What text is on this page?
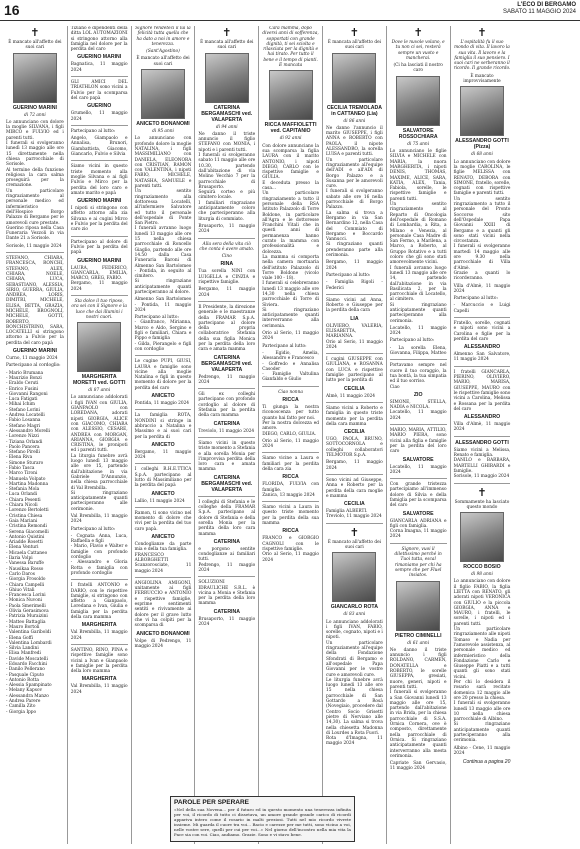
16	L'ECO DI BERGAMO
SABATO 11 MAGGIO 2024
✝

È mancato all'affetto dei suoi cari

GUERINO MARINI

di 72 anni

Lo annunciano con dolore la moglie SILVANA, i figli MIRCO e FULVIO ed i parenti tutti.
I funerali si svolgeranno lunedì 13 maggio alle ore 15 direttamente nella chiesa parrocchiale di Sorisole.
Al termine della funzione religiosa la cara salma proseguirà per la cremazione.
Un particolare ringraziamento al personale medico ed infermieristico dell'Hospice Borgo Palazzo di Bergamo per le amorevoli cure prestate.
Guerino riposa nella Casa Funeraria Vezzoli in via Dante 21 a Sorisole.

Sorisole, 11 maggio 2024

STEFANO, CHIARA, FRANCESCA, RONCHI, STEFANO, ALEX, CHIARA, NOELE, CHIARA, LUCA, SEBASTIANO, ALESSIA, SIRIO, GUERRA, GIULIA, ANDREA, LORIS, DIMITRI, MICHELE, ELISA, BETTA, GRAZIA, MICHELE, BROGNOLI, MICHELE, GOTTI, ROBERTO, BONCHISTRINO, SARA, LOCATELLI si stringono attorno a Fulvio per la perdita del caro papà

GUERINO MARINI

Curno, 11 maggio 2024

Partecipano al cordoglio:

- Mario Brumana
- Maurizio Bonzi
- Eraldo Ceruti
- Enrico Fusini
- Giovanni Rangoni
- Luca Fatigati
- Mihai Ichim
- Stefano Lorini
- Andrea Locatelli
- Fabio Losanna
- Stefano Magri
- Alessandro Morelli
- Lorenzo Nizzi
- Tiziana Orlandi
- Paolo Pancera
- Stefano Pirelli
- Elena Riva
- Simone Sturaro
- Fabio Tasca
- Marco Tironi
- Manuela Volpato
- Martina Madonna
- Stefania Mola
- Luca Orlandi
- Chiara Pesenti
- Chiara Nicoli
- Lorenzo Bertoletti
- Cristina Chiesa
- Gaia Mariani
- Cristina Remondi
- Serena Giacomelli
- Antonio Quistini
- Ariadde Rosetti
- Elena Venturi
- Micaela Cattaneo
- Ilaria Volpi
- Vanessa Baruffe
- Nausikaa Rosso
- Carlo Daros
- Giorgia Frosoldo
- Chiara Campelli
- Ghiuo Vitali
- Francesca Lorini
- Monica Nuvoni
- Paola Smerimelli
- Olivia Gerasimova
- Patrizia Muraizini
- Matteo Battaglia
- Mauro Bortoli
- Valentina Gariboldi
- Elena Goffi
- Valentina Lombardi
- Silvia Landini
- Elisa Manfredi
- Davide Moscatelli
- Edoardo Facchini
- Danilo Pellerano
- Pasquale Ciputo
- Antonio Rotta
- Alessia Spampinato
- Melany Kapsov
- Alessandra Manzo
- Andrea Parere
- Camilla Zito
- Giorgia Ippo

Tiziano e dipendenti della ditta LOL AUTOMAZIONI si stringono attorno alla famiglia nel dolore per la perdita del caro

GUERINO MARINI

Bagnatica, 11 maggio 2024

GLI AMICI DEL TRIATHLON sono vicini a Fulvio per la scomparsa del caro papà

GUERINO

Grumello, 11 maggio 2024

Partecipano al lutto:

Angelo, Giampaolo e Annalisa, Brunori, Giambattista, Giacomo, Giancarlo, Fulvio e Silvia

Siamo vicini in questo triste momento alla moglie Silvana e ai figli Fulvio e Mirco per la perdita del loro caro e amato marito e papà

GUERINO MARINI

I nipoti si stringono con affetto attorno alla zia Silvana e ai cugini Mirco e Fulvio per la perdita del caro zio

Partecipano al dolore di Fulvio per la perdita del papà

GUERINO MARINI

LAURA, FEDERICO, GIANCARLA, EMILIA, MARCO, GREG, FABIO.
Bergamo, 11 maggio 2024

Sta dolce il tuo riposo, ora sei con il Signore e la luce che dai illumini i nostri cuori.

MARGHERITA MORETTI ved. GOTTI

di 87 anni

Lo annunciano addolorati i figli IVAN con GIULIA, GIANPAOLO con LOREDANA, adorati nipoti GIORGIA, ALICE con GIACOMO, CHIARA con ALESSIO, CESARE, ANDREA con MORGAN, ARIANNA, GIORGIA e CRISTINA, le pronipoti ed i parenti tutti.
La liturgia funebre avrà luogo lunedì 13 maggio alle ore 15, partendo dall'abitazione in via Gabriele D'Annunzio, nella chiesa parrocchiale di Val Brembilla.
Si ringraziano anticipatamente quanti parteciperanno alle cerimonie.

Val Brembilla, 11 maggio 2024

Partecipano al lutto:

- Cognata Anna, Luca, Raffaella e figli
- Mario, Flavio e Walter e famiglie con profondo cordoglio
- Alessandro e Gloria Rotta e famiglia con profondo cordoglio

I fratelli ANTONIO e DARIO, con le rispettive famiglie, si stringono con affetto a Gianpaolo, Loredana e Ivan, Giulia e famiglia per la perdita della cara mamma

MARGHERITA

Val Brembilla, 11 maggio 2024

SANTINO, RINO, PINA e rispettive famiglie sono vicini a Ivan e Gianpaolo e famiglie per la perdita della loro mamma

MARGHERITA

Val Brembilla, 11 maggio 2024

Signore rendeteci il lui la felicità tutta quella che ha dato a noi in amore e tenerezza.

(Sant'Agostino)

È mancato all'affetto dei suoi cari

ANICETO BONANOMI

di 95 anni

Lo annunciano con profondo dolore la moglie NATALINA, i figli MASSIMILIANO con DANIELA, ELEONORA con CRISTIAN, RAMON con VALENTINA, i nipoti FABIO, MICHELE, NATASHA, SAMUELE e parenti tutti.
Un sentito ringraziamento alla dottoressa Locatelli, all'infermiere Salvatore ed tutto il personale dell'ospedale di Ponte San Pietro.
I funerali avranno luogo lunedì 13 maggio alle ore 15 nella chiesa parrocchiale di Roncello Giaglio, partendo alle ore 14.50 dalla Casa Funeraria Baroni di Almenno San Bartolomeo - Pontida, in seguito al cimitero.
Si ringraziano anticipatamente quanti parteciperanno al dolore.

Almenno San Bartolomeo - Pontida, 11 maggio 2024

Partecipano al lutto:
- Gianfranco, Mirianna, Marco e Aldo, Sergino e figli e familiari, Chiara e Pippo e famiglia
- Gilda, Pierangelo e figli con cordoglio

Le cugine PUPI, GIUSI, LAURA e famiglie sono vicine alla moglie Natalina e figli in questo momento di dolore per la perdita del caro

ANICETO

Pontida, 11 maggio 2024

La famiglia ROTA, NONDINI si stringe in abbraccio a Natalina e Massimo e ai suoi cari per la perdita di

ANICETO

Bergamo, 11 maggio 2024

I colleghi R.H.E.TTICA S.p.A. partecipano al lutto di Massimiliano per la perdita del papà

ANICETO

Lallio, 11 maggio 2024

Ramon, ti sono vicino nel momento di dolore che vivi per la perdita del tuo caro papà.

ANICETO

Condoglianze da parte mia e della tua famiglia.
FRANCESCO ALBORGHETTI
Scanzorosciate, 11 maggio 2024

ANGIOLINA AMIGONI, unitamente ai figli FERRUCCIO e ANTONIO e rispettive famiglie, esprime sentimenti sentiti e rivivamente ai dolore per il grave lutto che vi ha colpiti per la scomparsa di

ANICETO BONANOMI

Volpe di Pedrengo, 11 maggio 2024

✝

È mancata all'affetto dei suoi cari

CATERINA BERGAMASCHI ved. VALAPERTA

di 94 anni

Ne danno il triste annuncio il figlio STEFANO con MONIA, i nipoti e i parenti tutti.
I funerali si svolgeranno sabato 11 maggio alle ore 10.30, partendo dall'abitazione di via Molino Vecchio 7 per la parrocchiale di Brusaporto.
Seguirà corteo e più cimitero locale.
I familiari ringraziano anticipatamente coloro che parteciperanno alla liturgia di commiato.

Brusaporto, 11 maggio 2024

Alla sera della vita ciò che conta è avere amato.

Cino

RINA

Tua sorella NINI con LUIGELLA e CINZIA e rispettive famiglie.

Bergamo, 11 maggio 2024

Il Presidente, la direzione generale e le maestranze della FRAMAR S.p.A. partecipano al dolore della propria collaboratrice Stefania della sua figlia Monica per la perdita della loro cara e amata mamma

CATERINA BERGAMASCHI ved. VALAPERTA

Pedrengo, 11 maggio 2024

Gli ex colleghi partecipano con profondo cordoglio al dolore di Stefania per la perdita della cara mamma

CATERINA

Treviolo, 11 maggio 2024

Siamo vicini in questo triste momento a Stefania e alla sorella Monia per l'improvvisa perdita della loro cara e amata mamma

CATERINA BERGAMASCHI ved. VALAPERTA

I colleghi di Stefania e le colleghe della FRAMAR S.p.A. partecipano al dolore di Stefania e della sorella Monia per la perdita della loro cara mamma

CATERINA

e porgono sentite condoglianze ai familiari tutti.
Pedrengo, 11 maggio 2024

SOLUZIONI IDRAULICHE S.R.L. è vicina a Monia e Stefania per la perdita della loro mamma

CATERINA

Brusaporto, 11 maggio 2024

Cara mamma, dopo diversi anni di sofferenza, sopportati con grande dignità, ti sei sciolta e rilasciata per la dignità e hai tirato. Per tutto il bene e il tempo di pianti.
E mancata

RICCA MAFFIOLETTI ved. CAPITANIO

di 92 anni

Con dolore annunciano la sua scomparsa la figlia LAURA con il marito ANTONIO, i nipoti DIEGO, CARLO con le rispettive famiglie e GIULIA.
E deceduta presso la casa...
Un particolare ringraziamento a tutto il personale della RSA Istituto Palazzolo di Torre Boldone, in particolare all'Agra e le dottoresse Franchini Vitali che in questi anni di permanenza hanno curato la mamma con professionalità e dolcezza.
La mamma si comporta nella camera mortuaria dell'istituto Palazzolo di Torre Boldone (vicolo viale 100 - 18).
I funerali si celebreranno lunedì 13 maggio alle ore 14,30 nella chiesa parrocchiale di Torre di Siviera.
Si ringraziano anticipatamente quanti interverranno alla cerimonia.

Orio al Serio, 11 maggio 2024

Partecipano al lutto:

- Egidio, Amelia, Alessandro e Francesco
- Goffredo e Annalisa Casoder
- Famiglie Valtulina Gianfaldo e Giulio

Ciao nonna

RICCA

Ti giunga la nostra riconoscenza per tutto quanto hai fatto per noi.
Per la nostra dolcezza ed amore.
DIEGO, CARLO, GIULIA.

Orio al Serio, 11 maggio 2024

Siamo vicine a Laura e familiari per la perdita della cara zia

RICCA

FLORIDA, FULVIA con famiglie.
Zanica, 13 maggio 2024

Siamo vicini a Laura in questo triste momento per la perdita della sua mamma

RICCA

FRANCO e GIORGIO CAGNOLI con le rispettive famiglie.
Orio al Serio, 11 maggio 2024

✝

È mancata all'affetto dei suoi cari

CECILIA TREMOLADA in CATTANEO (Lia)

di 86 anni

Ne danno l'annuncio il marito GIUSEPPE, i figli ANNA e ROBERTO con PAOLA, il nipote ALESSANDRO, la sorella LUISA e parenti tutti.
Un particolare ringraziamento all'equipe dell'ADI e all'ADI di Borgo Palazzo e a Susanna per le amorevoli cure.
I funerali si svolgeranno sabato alle ore 16 nella parrocchiale di Borgo Palazzo.
La salma si trova a Bergamo in via San Bernardino 12, nella Casa del Commiato di Bergamo e Boccardo Vannucci.
Si ringraziano quanti prenderanno parte alla cerimonia.

Bergamo, 11 maggio 2024

Partecipano al lutto:

- Famiglia Rigoli - Federici

Siamo vicini ad Anna, Roberto e Giuseppe per la perdita della cara

LIA

OLIVIERO, VALERIA, ELISABETTA, MARIANNA.
Orio al Serio, 11 maggio 2024

I cugini GIUSEPPE con GIULIANA, e ROSANNA con LUCA e rispettive famiglie partecipano al lutto per la perdita di

CECILIA

Almè, 11 maggio 2024

Siamo vicini a Roberto e famiglia in questo triste momento per la perdita della cara mamma

CECILIA

UGO, PAOLA, BRUNO, SOTTOCORNOLA e colleghi collaboratori TELMOTOR S.p.A.

Bergamo, 11 maggio 2024

Sono vicini ad Giuseppe, Anna e Roberto per la perdita della cara moglie e mamma

CECILIA

Famiglia ALBERTI.
Treviolo, 11 maggio 2024

✝

È mancato all'affetto dei suoi cari

GIANCARLO ROTA

di 83 anni

Lo annunciano addolorati i figli IVAN, FABIO, sorelle, cognato, nipoti e i nipoti.
Un particolare ringraziamento all'equipe della Fondazione Sfondrati di Bergamo e all'ospedale Papa Giovanni per le vostre cure e amorevoli cure.
Le liturgia funebre avrà luogo lunedì 13 alle ore 15 nella chiesa parrocchiale di San Gottardo a Rosà (Novegiaio, procedere dal Centro Socio Grisetti pietre di Nerviano alle 14,30). La salma si trova nella chiesetta Madonna di Lourdes a Rota Fuori.
Rota d'Imagna, 11 maggio 2024

✝

Dove le nuvole volano, e tu non ci sei, resterà sempre un vuoto e mancherai.

(Ci ha lasciati il nostro caro

SALVATORE ROSSOCHIARA

di 75 anni

Lo annunciano le figlie SILVIA e MICHELE con MARIA, la nuora MARGHERITA, i nipoti DENIS, THOMAS, MAXIME, ALICE, SARA, KATIA, ALEX, Tania, Fabiola, sorelle, le rispettive famiglie e parenti tutti.
Un sentito ringraziamento al Reparto di Oncologia dell'ospedale di Romano di Lombardia, a Rita, a Milano e Venezia, al personale Casa Madre di San Fermo, a Marilena, a Marco, a Roberto, al Gruppo Rotativo e a tutti coloro che gli sono stati amorevolmente vicini.
I funerali avranno luogo lunedì 13 maggio alle ore 14, partendo dall'abitazione in via Basilicata 2, per la parrocchiale di Locatello, al cimitero.
Si ringraziano anticipatamente quanti parteciperanno alla cerimonia.

Locatello, 11 maggio 2024

Partecipano al lutto:

- La sorella Elena, Giovanna, Filippa, Matteo

Portavamo sempre nel cuore il tuo coraggio, la tua bontà, la tua simpatia ed il tuo sorriso.
Ciao

ZIO

SIMONE, STELLA, NADIA e NICOLA.
Locatello, 11 maggio 2024

MARIO, MARIA, ATTILIO, MARIO PIERA, sono vicini alla figlia e famiglie per la perdita del loro caro

SALVATORE

Locatello, 11 maggio 2024

Con grande tristezza partecipiamo all'immenso dolore di Silvia e della famiglia per la scomparsa del caro

SALVATORE

GIANCARLA ADRIANA e figli con famiglia.
Corna Imagna, 11 maggio 2024

Signore, vuoi il dilettissimo perché in Tuoi tutta, escal rimaniamo per chi ha sempre che per Fluel insiatos.

PIETRO CIMINELLI

di 61 anni

Ne danno il triste annuncio i figli ROLDANO, CARMEN, DONATELLA e ROBERTO, le sorelle GIUSEPPA, gresiati, nuore, generi, nipoti e parenti tutti.
I funerali si svolgeranno a San Giovanni lunedì 13 maggio alle ore 15, partendo dall'abitazione in via Brida, per la chiesa parrocchiale di S.S.A. Ornica Cornera, ove è composto, direttamente nella parrocchiale di Ornica. Si ringraziano anticipatamente quanti interverranno alla mesta cerimonia.

Capriate San Gervasio, 11 maggio 2024

✝

L'ospitalità fu il suo mondo di vita. Il lavoro la sua vita. Il lavoro e la famiglia il suo pensiero. I suoi cari ne serberanno il ricordo. Il grande ricordo.

È mancato improvvisamente

ALESSANDRO GOTTI (Pizza)

di 68 anni

Lo annunciano con dolore la moglie CAROLINA, le figlie MELISSA con RENATO, DEBORA con SIMONE, fratello, sorelle, cognati con rispettive famiglie e parenti tutti.
Un sentito ringraziamento a tutto il personale del Pronto Soccorso sito dell'Ospedale Papa Giovanni XXIII di Bergamo e a quanti gli sono stati vicini nella circostanza.
I funerali si svolgeranno martedì 14 maggio alle ore 9.30 nella parrocchiale di Villa d'Almè.
Grazie a quanti lo ricorderanno.

Villa d'Almè, 11 maggio 2024

Partecipano al lutto:

- Marcuccio e Luigi Capelli

Fratello, sorelle, cognati e nipoti sono vicini a Carolina e figlie per la perdita del caro

ALESSANDRO

Almenno San Salvatore, 11 maggio 2024

I fratelli GIANCARLA, PIERINO, OLIVIERO, MARIO, MARISA, GIUSEPPE, MAURO con le rispettive famiglie sono vicini a Carolina, Melissa e Rossana per la perdita del caro

ALESSANDRO

Villa d'Almè, 11 maggio 2024

ALESSANDRO GOTTI

Siamo vicini a Melissa, Renato e famiglia.
DANILO e BARBARA, MARTELLI GHIRARDI e famiglie.
Sorisole, 11 maggio 2024

✝

Sommamente ha lasciato questo mondo

ROCCO BOSIO

di 98 anni

Lo annunciano con dolore il figlio FABIO, la figlia LIETTA con RENATO, gli adorati nipoti VERONICA con GIULIO e la piccola GIORGIA, ANNA e MAURO, i fratelli, le sorelle, i nipoti ed i parenti tutti.
Un particolare ringraziamento alle nipoti Tomaso e Nadia per l'amorevole assistenza, al personale medico ed infermieristico della Fondazione Carlo e Giuseppe Piatti e a tutti quanti gli sono stati vicini.
Per chi lo desidera il rosario sarà recitato domenica 12 maggio alle ore 20 presso la chiesa.
I funerali si svolgeranno lunedì 13 maggio alle ore 10 nella chiesa parrocchiale di Albino.
Si ringraziano anticipatamente quanti parteciperanno alla cerimonia.

Albino - Cene, 11 maggio 2024

Continua a pagina 20
PAROLE PER SPERARE
«Nel della sua Novena... per il futuro ed in questo momento una tenerezza infinita per voi, il ricordo di tutto ci dissetava, un amore grande grande carico di ricordi appariva intero come il rosario in malti preziosi. Tutti nel mio ricordo vivrete insieme. Mi guarda il cuore tra voi... Bacio e carezze per me tutti, sono vicino a voi, nelle vostre sere, quelli per cui per voi...» Nel giorno dell'incontro nella mia vita la Pace sia con voi. Ciao, andiamo. Grazie. Sono e vi stavo bene.
